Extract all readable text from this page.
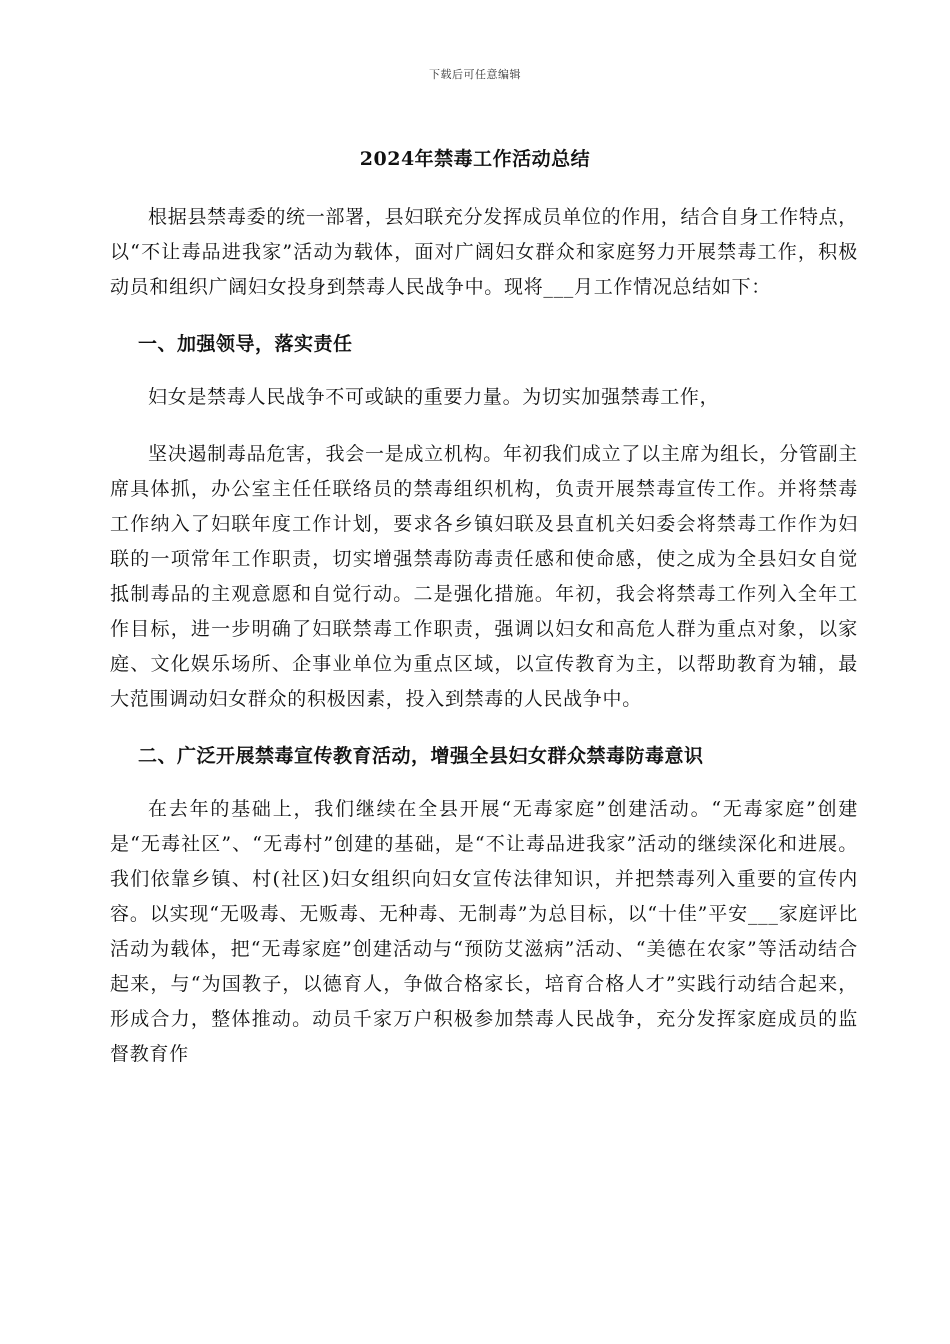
下载后可任意编辑
2024年禁毒工作活动总结

根据县禁毒委的统一部署，县妇联充分发挥成员单位的作用，结合自身工作特点，以“不让毒品进我家”活动为载体，面对广阔妇女群众和家庭努力开展禁毒工作，积极动员和组织广阔妇女投身到禁毒人民战争中。现将___月工作情况总结如下：

一、加强领导，落实责任

妇女是禁毒人民战争不可或缺的重要力量。为切实加强禁毒工作，

坚决遏制毒品危害，我会一是成立机构。年初我们成立了以主席为组长，分管副主席具体抓，办公室主任任联络员的禁毒组织机构，负责开展禁毒宣传工作。并将禁毒工作纳入了妇联年度工作计划，要求各乡镇妇联及县直机关妇委会将禁毒工作作为妇联的一项常年工作职责，切实增强禁毒防毒责任感和使命感，使之成为全县妇女自觉抵制毒品的主观意愿和自觉行动。二是强化措施。年初，我会将禁毒工作列入全年工作目标，进一步明确了妇联禁毒工作职责，强调以妇女和高危人群为重点对象，以家庭、文化娱乐场所、企事业单位为重点区域，以宣传教育为主，以帮助教育为辅，最大范围调动妇女群众的积极因素，投入到禁毒的人民战争中。

二、广泛开展禁毒宣传教育活动，增强全县妇女群众禁毒防毒意识

在去年的基础上，我们继续在全县开展“无毒家庭”创建活动。“无毒家庭”创建是“无毒社区”、“无毒村”创建的基础，是“不让毒品进我家”活动的继续深化和进展。我们依靠乡镇、村(社区)妇女组织向妇女宣传法律知识，并把禁毒列入重要的宣传内容。以实现“无吸毒、无贩毒、无种毒、无制毒”为总目标，以“十佳”平安___家庭评比活动为载体，把“无毒家庭”创建活动与“预防艾滋病”活动、“美德在农家”等活动结合起来，与“为国教子，以德育人，争做合格家长，培育合格人才”实践行动结合起来，形成合力，整体推动。动员千家万户积极参加禁毒人民战争，充分发挥家庭成员的监督教育作
